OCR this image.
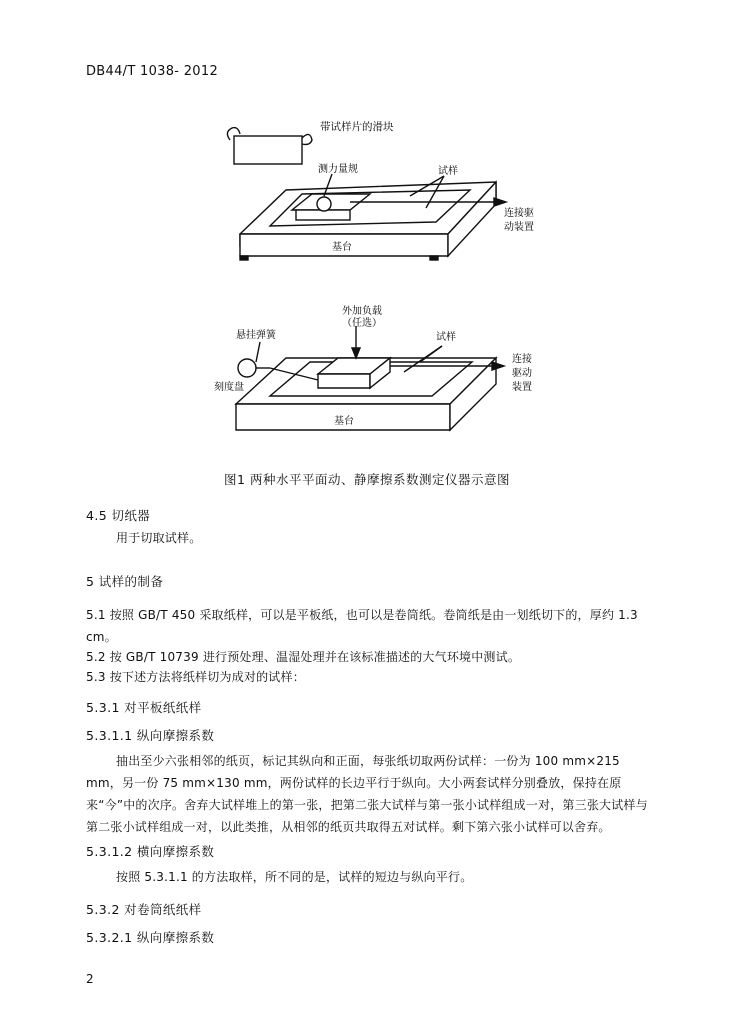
DB44/T 1038- 2012
带试样片的滑块
测力量规	试样
连接驱
动装置
基台
外加负载
（任选）
悬挂弹簧	试样
刻度盘
连接
驱动
装置
基台
图1 两种水平平面动、静摩擦系数测定仪器示意图
4.5 切纸器
用于切取试样。
5 试样的制备
5.1 按照 GB/T 450 采取纸样，可以是平板纸，也可以是卷筒纸。卷筒纸是由一划纸切下的，厚约 1.3 cm。
5.2 按 GB/T 10739 进行预处理、温湿处理并在该标准描述的大气环境中测试。
5.3 按下述方法将纸样切为成对的试样：
5.3.1 对平板纸纸样
5.3.1.1 纵向摩擦系数
抽出至少六张相邻的纸页，标记其纵向和正面，每张纸切取两份试样：一份为 100 mm×215 mm，另一份 75 mm×130 mm，两份试样的长边平行于纵向。大小两套试样分别叠放，保持在原来“今”中的次序。舍弃大试样堆上的第一张，把第二张大试样与第一张小试样组成一对，第三张大试样与第二张小试样组成一对，以此类推，从相邻的纸页共取得五对试样。剩下第六张小试样可以舍弃。
5.3.1.2 横向摩擦系数
按照 5.3.1.1 的方法取样，所不同的是，试样的短边与纵向平行。
5.3.2 对卷筒纸纸样
5.3.2.1 纵向摩擦系数
2
